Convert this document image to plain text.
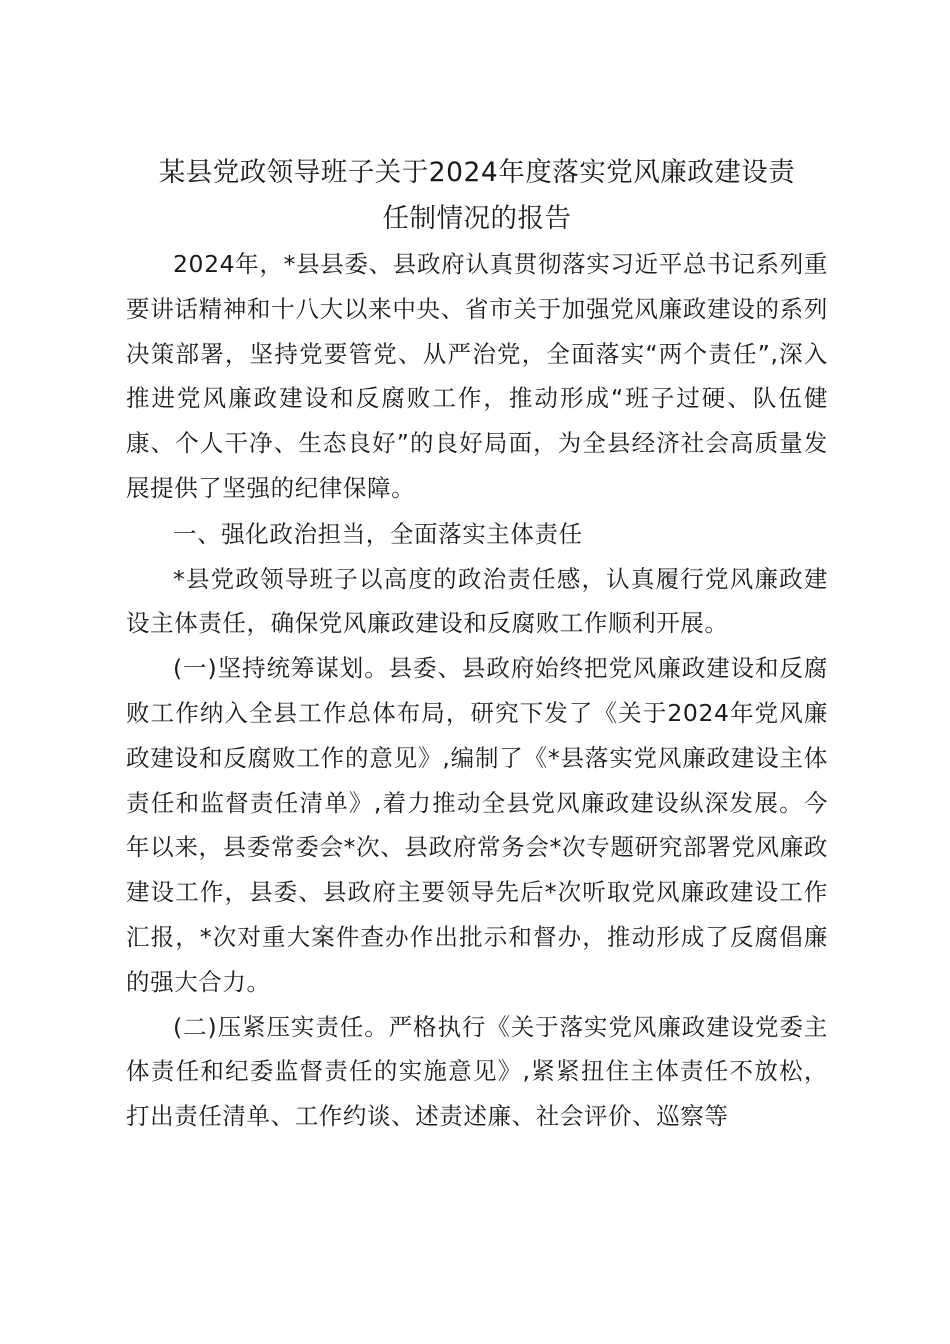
某县党政领导班子关于2024年度落实党风廉政建设责
任制情况的报告

2024年，*县县委、县政府认真贯彻落实习近平总书记系列重要讲话精神和十八大以来中央、省市关于加强党风廉政建设的系列决策部署，坚持党要管党、从严治党，全面落实“两个责任”,深入推进党风廉政建设和反腐败工作，推动形成“班子过硬、队伍健康、个人干净、生态良好”的良好局面，为全县经济社会高质量发展提供了坚强的纪律保障。

一、强化政治担当，全面落实主体责任

*县党政领导班子以高度的政治责任感，认真履行党风廉政建设主体责任，确保党风廉政建设和反腐败工作顺利开展。

(一)坚持统筹谋划。县委、县政府始终把党风廉政建设和反腐败工作纳入全县工作总体布局，研究下发了《关于2024年党风廉政建设和反腐败工作的意见》,编制了《*县落实党风廉政建设主体责任和监督责任清单》,着力推动全县党风廉政建设纵深发展。今年以来，县委常委会*次、县政府常务会*次专题研究部署党风廉政建设工作，县委、县政府主要领导先后*次听取党风廉政建设工作汇报，*次对重大案件查办作出批示和督办，推动形成了反腐倡廉的强大合力。

(二)压紧压实责任。严格执行《关于落实党风廉政建设党委主体责任和纪委监督责任的实施意见》,紧紧扭住主体责任不放松，打出责任清单、工作约谈、述责述廉、社会评价、巡察等
